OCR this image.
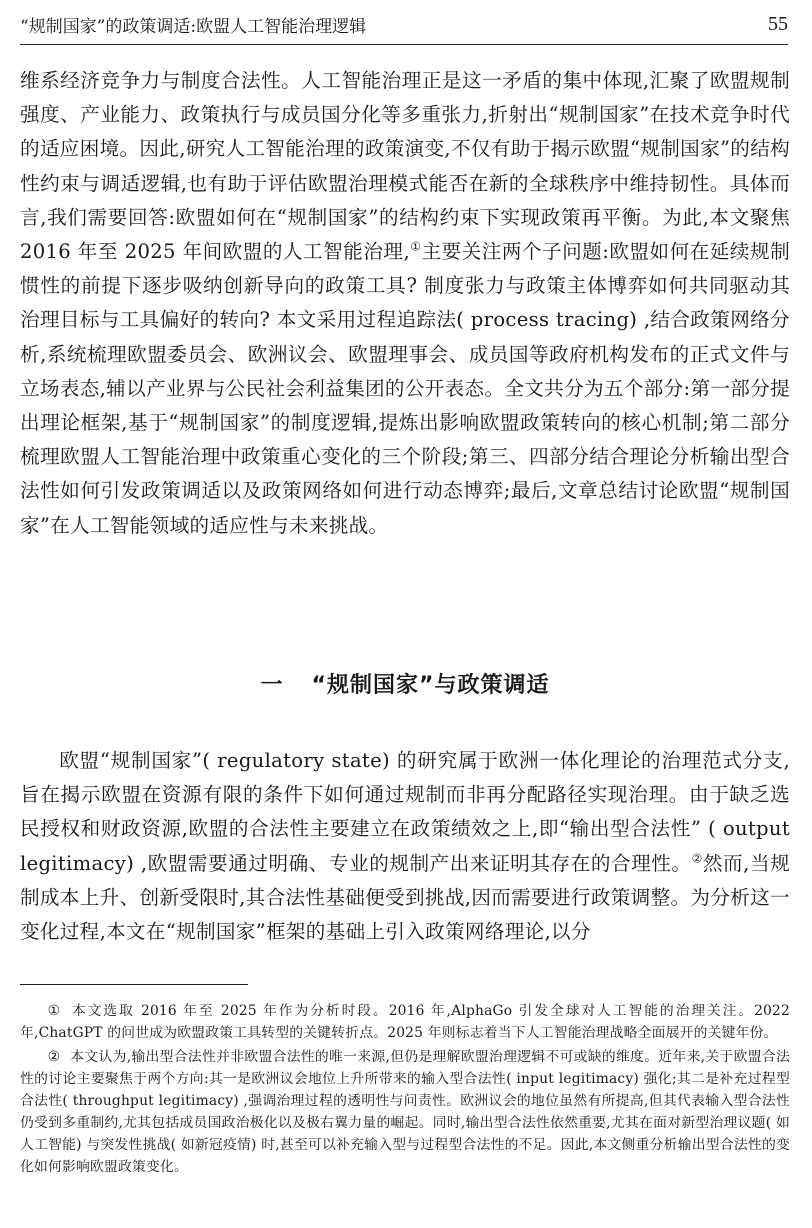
“规制国家”的政策调适:欧盟人工智能治理逻辑	55

维系经济竞争力与制度合法性。人工智能治理正是这一矛盾的集中体现,汇聚了欧盟规制强度、产业能力、政策执行与成员国分化等多重张力,折射出“规制国家”在技术竞争时代的适应困境。因此,研究人工智能治理的政策演变,不仅有助于揭示欧盟“规制国家”的结构性约束与调适逻辑,也有助于评估欧盟治理模式能否在新的全球秩序中维持韧性。具体而言,我们需要回答:欧盟如何在“规制国家”的结构约束下实现政策再平衡。为此,本文聚焦 2016 年至 2025 年间欧盟的人工智能治理,①主要关注两个子问题:欧盟如何在延续规制惯性的前提下逐步吸纳创新导向的政策工具? 制度张力与政策主体博弈如何共同驱动其治理目标与工具偏好的转向? 本文采用过程追踪法( process tracing) ,结合政策网络分析,系统梳理欧盟委员会、欧洲议会、欧盟理事会、成员国等政府机构发布的正式文件与立场表态,辅以产业界与公民社会利益集团的公开表态。全文共分为五个部分:第一部分提出理论框架,基于“规制国家”的制度逻辑,提炼出影响欧盟政策转向的核心机制;第二部分梳理欧盟人工智能治理中政策重心变化的三个阶段;第三、四部分结合理论分析输出型合法性如何引发政策调适以及政策网络如何进行动态博弈;最后,文章总结讨论欧盟“规制国家”在人工智能领域的适应性与未来挑战。

一 “规制国家”与政策调适

欧盟“规制国家”( regulatory state) 的研究属于欧洲一体化理论的治理范式分支,旨在揭示欧盟在资源有限的条件下如何通过规制而非再分配路径实现治理。由于缺乏选民授权和财政资源,欧盟的合法性主要建立在政策绩效之上,即“输出型合法性” ( output legitimacy) ,欧盟需要通过明确、专业的规制产出来证明其存在的合理性。②然而,当规制成本上升、创新受限时,其合法性基础便受到挑战,因而需要进行政策调整。为分析这一变化过程,本文在“规制国家”框架的基础上引入政策网络理论,以分

① 本文选取 2016 年至 2025 年作为分析时段。2016 年,AlphaGo 引发全球对人工智能的治理关注。2022 年,ChatGPT 的问世成为欧盟政策工具转型的关键转折点。2025 年则标志着当下人工智能治理战略全面展开的关键年份。

② 本文认为,输出型合法性并非欧盟合法性的唯一来源,但仍是理解欧盟治理逻辑不可或缺的维度。近年来,关于欧盟合法性的讨论主要聚焦于两个方向:其一是欧洲议会地位上升所带来的输入型合法性( input legitimacy) 强化;其二是补充过程型合法性( throughput legitimacy) ,强调治理过程的透明性与问责性。欧洲议会的地位虽然有所提高,但其代表输入型合法性仍受到多重制约,尤其包括成员国政治极化以及极右翼力量的崛起。同时,输出型合法性依然重要,尤其在面对新型治理议题( 如人工智能) 与突发性挑战( 如新冠疫情) 时,甚至可以补充输入型与过程型合法性的不足。因此,本文侧重分析输出型合法性的变化如何影响欧盟政策变化。
